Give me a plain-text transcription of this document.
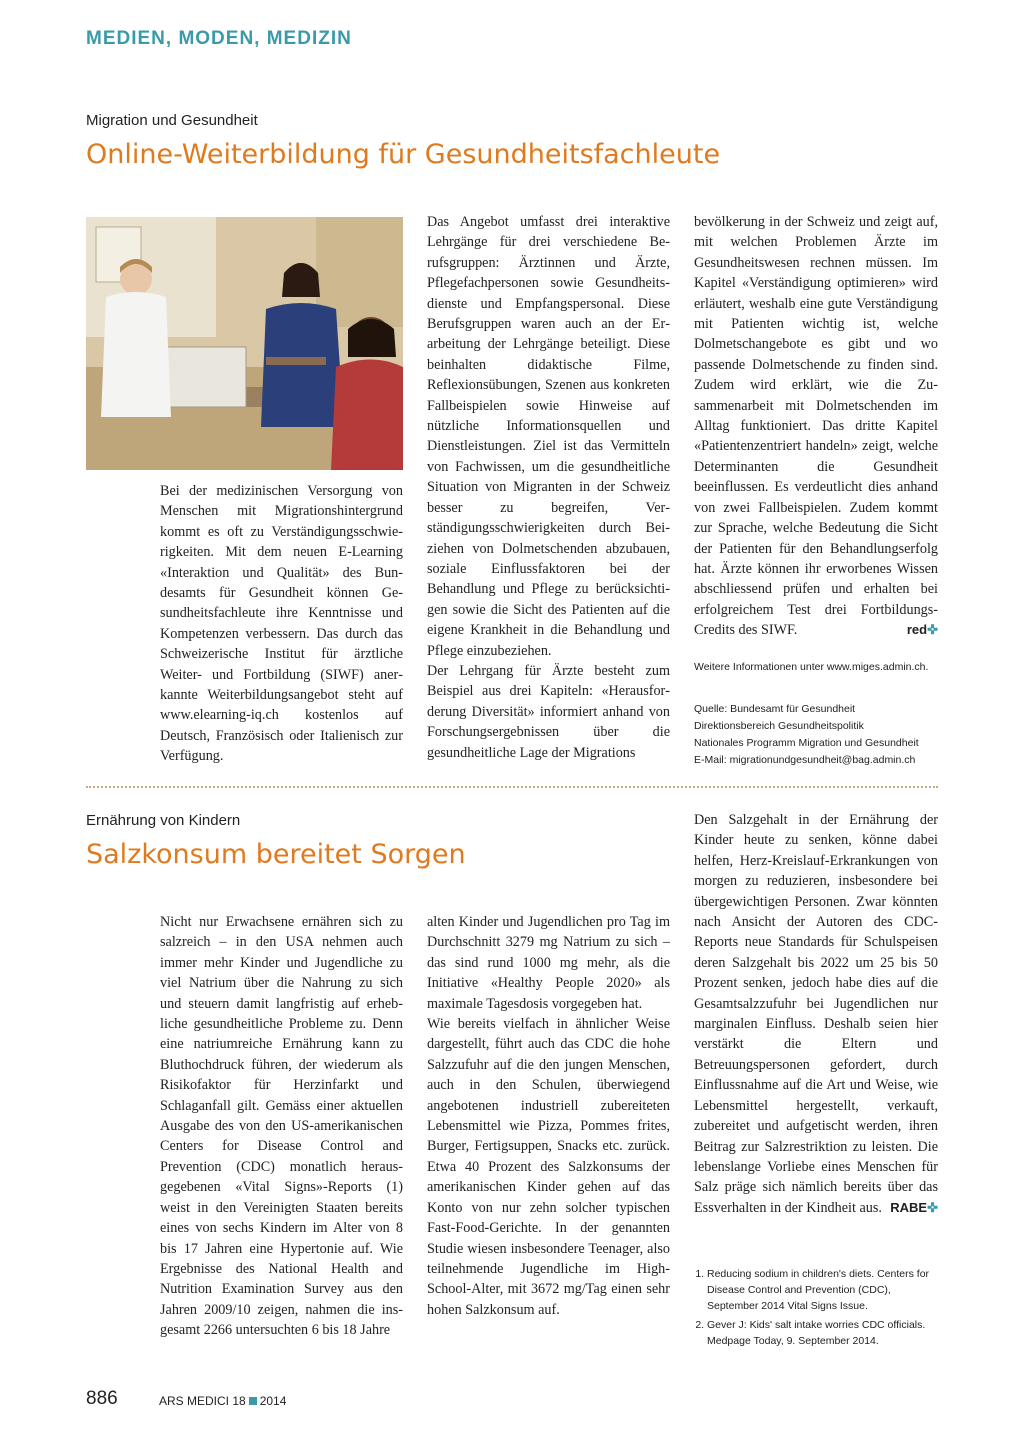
MEDIEN, MODEN, MEDIZIN
Migration und Gesundheit
Online-Weiterbildung für Gesundheitsfachleute

Bei der medizinischen Versorgung von Menschen mit Migrationshintergrund kommt es oft zu Verständigungsschwierigkeiten. Mit dem neuen E-Learning «Interaktion und Qualität» des Bundesamts für Gesundheit können Gesundheitsfachleute ihre Kenntnisse und Kompetenzen verbessern. Das durch das Schweizerische Institut für ärztliche Weiter- und Fortbildung (SIWF) anerkannte Weiterbildungsangebot steht auf www.elearning-iq.ch kostenlos auf Deutsch, Französisch oder Italienisch zur Verfügung.

Das Angebot umfasst drei interaktive Lehrgänge für drei verschiedene Berufsgruppen: Ärztinnen und Ärzte, Pflegefachpersonen sowie Gesundheitsdienste und Empfangspersonal. Diese Berufsgruppen waren auch an der Erarbeitung der Lehrgänge beteiligt. Diese beinhalten didaktische Filme, Reflexionsübungen, Szenen aus konkreten Fallbeispielen sowie Hinweise auf nützliche Informationsquellen und Dienstleistungen. Ziel ist das Vermitteln von Fachwissen, um die gesundheitliche Situation von Migranten in der Schweiz besser zu begreifen, Verständigungsschwierigkeiten durch Beiziehen von Dolmetschenden abzubauen, soziale Einflussfaktoren bei der Behandlung und Pflege zu berücksichtigen sowie die Sicht des Patienten auf die eigene Krankheit in die Behandlung und Pflege einzubeziehen.

Der Lehrgang für Ärzte besteht zum Beispiel aus drei Kapiteln: «Herausforderung Diversität» informiert anhand von Forschungsergebnissen über die gesundheitliche Lage der Migrations

bevölkerung in der Schweiz und zeigt auf, mit welchen Problemen Ärzte im Gesundheitswesen rechnen müssen. Im Kapitel «Verständigung optimieren» wird erläutert, weshalb eine gute Verständigung mit Patienten wichtig ist, welche Dolmetschangebote es gibt und wo passende Dolmetschende zu finden sind. Zudem wird erklärt, wie die Zusammenarbeit mit Dolmetschenden im Alltag funktioniert. Das dritte Kapitel «Patientenzentriert handeln» zeigt, welche Determinanten die Gesundheit beeinflussen. Es verdeutlicht dies anhand von zwei Fallbeispielen. Zudem kommt zur Sprache, welche Bedeutung die Sicht der Patienten für den Behandlungserfolg hat. Ärzte können ihr erworbenes Wissen abschliessend prüfen und erhalten bei erfolgreichem Test drei Fortbildungs-Credits des SIWF.	red✜

Weitere Informationen unter www.miges.admin.ch.
Quelle: Bundesamt für Gesundheit
Direktionsbereich Gesundheitspolitik
Nationales Programm Migration und Gesundheit
E-Mail: migrationundgesundheit@bag.admin.ch
Ernährung von Kindern
Salzkonsum bereitet Sorgen

Nicht nur Erwachsene ernähren sich zu salzreich – in den USA nehmen auch immer mehr Kinder und Jugendliche zu viel Natrium über die Nahrung zu sich und steuern damit langfristig auf erhebliche gesundheitliche Probleme zu. Denn eine natriumreiche Ernährung kann zu Bluthochdruck führen, der wiederum als Risikofaktor für Herzinfarkt und Schlaganfall gilt. Gemäss einer aktuellen Ausgabe des von den US-amerikanischen Centers for Disease Control and Prevention (CDC) monatlich herausgegebenen «Vital Signs»-Reports (1) weist in den Vereinigten Staaten bereits eines von sechs Kindern im Alter von 8 bis 17 Jahren eine Hypertonie auf. Wie Ergebnisse des National Health and Nutrition Examination Survey aus den Jahren 2009/10 zeigen, nahmen die insgesamt 2266 untersuchten 6 bis 18 Jahre

alten Kinder und Jugendlichen pro Tag im Durchschnitt 3279 mg Natrium zu sich – das sind rund 1000 mg mehr, als die Initiative «Healthy People 2020» als maximale Tagesdosis vorgegeben hat.

Wie bereits vielfach in ähnlicher Weise dargestellt, führt auch das CDC die hohe Salzzufuhr auf die den jungen Menschen, auch in den Schulen, überwiegend angebotenen industriell zubereiteten Lebensmittel wie Pizza, Pommes frites, Burger, Fertigsuppen, Snacks etc. zurück. Etwa 40 Prozent des Salzkonsums der amerikanischen Kinder gehen auf das Konto von nur zehn solcher typischen Fast-Food-Gerichte. In der genannten Studie wiesen insbesondere Teenager, also teilnehmende Jugendliche im High-School-Alter, mit 3672 mg/Tag einen sehr hohen Salzkonsum auf.

Den Salzgehalt in der Ernährung der Kinder heute zu senken, könne dabei helfen, Herz-Kreislauf-Erkrankungen von morgen zu reduzieren, insbesondere bei übergewichtigen Personen. Zwar könnten nach Ansicht der Autoren des CDC-Reports neue Standards für Schulspeisen deren Salzgehalt bis 2022 um 25 bis 50 Prozent senken, jedoch habe dies auf die Gesamtsalzzufuhr bei Jugendlichen nur marginalen Einfluss. Deshalb seien hier verstärkt die Eltern und Betreuungspersonen gefordert, durch Einflussnahme auf die Art und Weise, wie Lebensmittel hergestellt, verkauft, zubereitet und aufgetischt werden, ihren Beitrag zur Salzrestriktion zu leisten. Die lebenslange Vorliebe eines Menschen für Salz präge sich nämlich bereits über das Essverhalten in der Kindheit aus. RABE✜

1. Reducing sodium in children's diets. Centers for Disease Control and Prevention (CDC), September 2014 Vital Signs Issue.
2. Gever J: Kids' salt intake worries CDC officials. Medpage Today, 9. September 2014.
886	ARS MEDICI 18 2014
